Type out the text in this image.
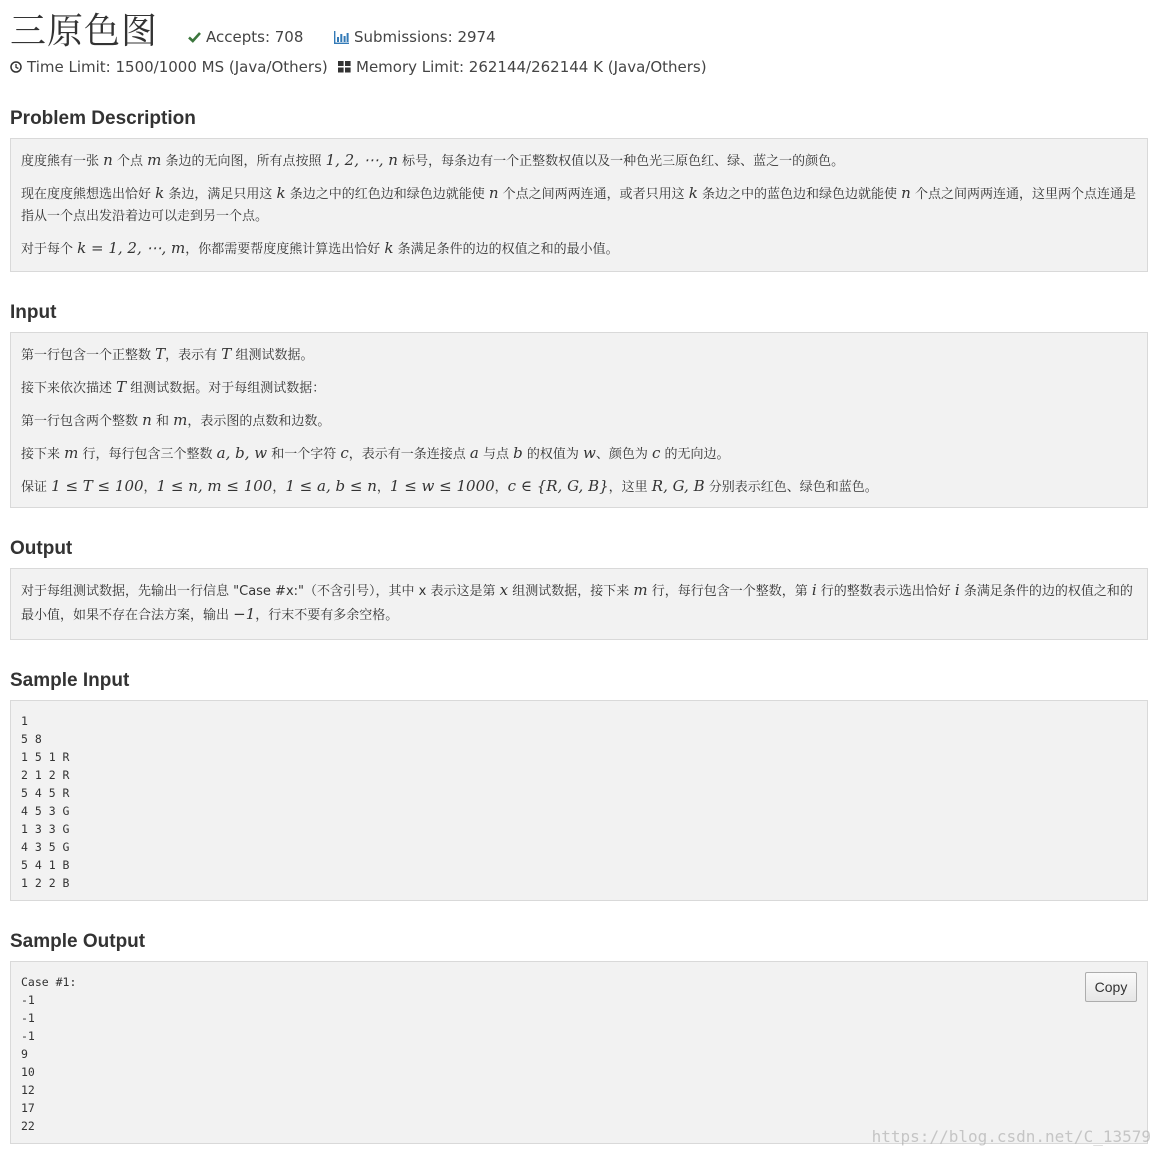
三原色图	Accepts: 708	Submissions: 2974
Time Limit: 1500/1000 MS (Java/Others) Memory Limit: 262144/262144 K (Java/Others)
Problem Description

度度熊有一张 n 个点 m 条边的无向图，所有点按照 1, 2, ⋯, n 标号，每条边有一个正整数权值以及一种色光三原色红、绿、蓝之一的颜色。

现在度度熊想选出恰好 k 条边，满足只用这 k 条边之中的红色边和绿色边就能使 n 个点之间两两连通，或者只用这 k 条边之中的蓝色边和绿色边就能使 n 个点之间两两连通，这里两个点连通是指从一个点出发沿着边可以走到另一个点。

对于每个 k = 1, 2, ⋯, m，你都需要帮度度熊计算选出恰好 k 条满足条件的边的权值之和的最小值。

Input

第一行包含一个正整数 T，表示有 T 组测试数据。

接下来依次描述 T 组测试数据。对于每组测试数据：

第一行包含两个整数 n 和 m，表示图的点数和边数。

接下来 m 行，每行包含三个整数 a, b, w 和一个字符 c，表示有一条连接点 a 与点 b 的权值为 w、颜色为 c 的无向边。

保证 1 ≤ T ≤ 100，1 ≤ n, m ≤ 100，1 ≤ a, b ≤ n，1 ≤ w ≤ 1000，c ∈ {R, G, B}，这里 R, G, B 分别表示红色、绿色和蓝色。

Output

对于每组测试数据，先输出一行信息 "Case #x:"（不含引号），其中 x 表示这是第 x 组测试数据，接下来 m 行，每行包含一个整数，第 i 行的整数表示选出恰好 i 条满足条件的边的权值之和的最小值，如果不存在合法方案，输出 −1，行末不要有多余空格。

Sample Input
1
5 8
1 5 1 R
2 1 2 R
5 4 5 R
4 5 3 G
1 3 3 G
4 3 5 G
5 4 1 B
1 2 2 B
Sample Output
Case #1:
-1
-1
-1
9
10
12
17
22
Copy
https://blog.csdn.net/C_13579
